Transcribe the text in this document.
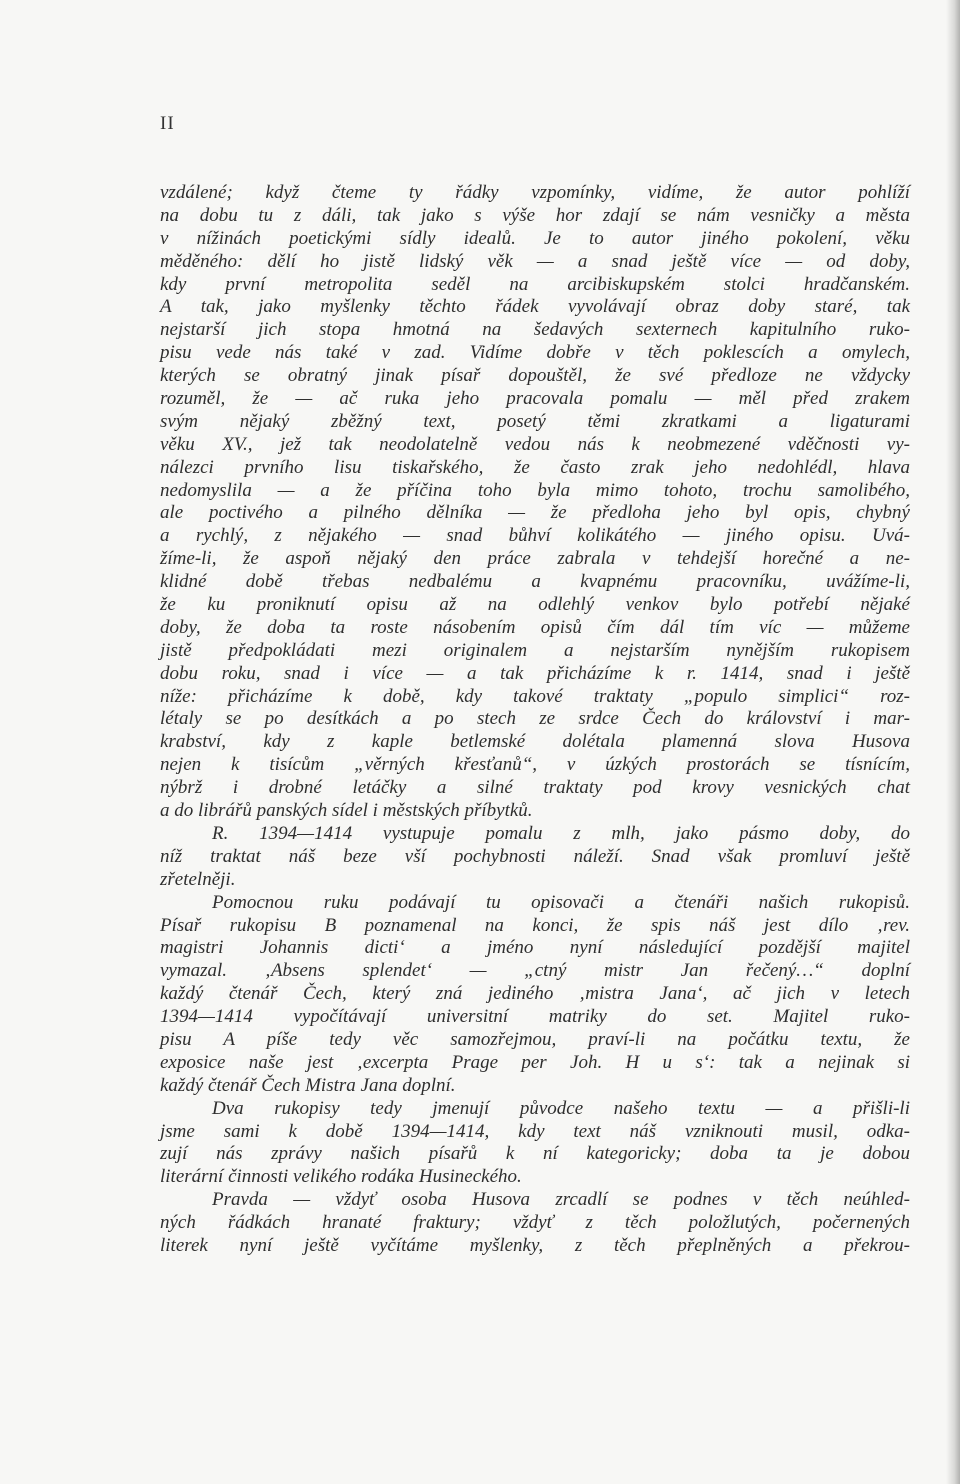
II
vzdálené; když čteme ty řádky vzpomínky, vidíme, že autor pohlíží
na dobu tu z dáli, tak jako s výše hor zdají se nám vesničky a města
v nížinách poetickými sídly idealů. Je to autor jiného pokolení, věku
měděného: dělí ho jistě lidský věk — a snad ještě více — od doby,
kdy první metropolita seděl na arcibiskupském stolci hradčanském.
A tak, jako myšlenky těchto řádek vyvolávají obraz doby staré, tak
nejstarší jich stopa hmotná na šedavých sexternech kapitulního ruko-
pisu vede nás také v zad. Vidíme dobře v těch poklescích a omylech,
kterých se obratný jinak písař dopouštěl, že své předloze ne vždycky
rozuměl, že — ač ruka jeho pracovala pomalu — měl před zrakem
svým nějaký zběžný text, posetý těmi zkratkami a ligaturami
věku XV., jež tak neodolatelně vedou nás k neobmezené vděčnosti vy-
nálezci prvního lisu tiskařského, že často zrak jeho nedohlédl, hlava
nedomyslila — a že příčina toho byla mimo tohoto, trochu samolibého,
ale poctivého a pilného dělníka — že předloha jeho byl opis, chybný
a rychlý, z nějakého — snad bůhví kolikátého — jiného opisu. Uvá-
žíme-li, že aspoň nějaký den práce zabrala v tehdejší horečné a ne-
klidné době třebas nedbalému a kvapnému pracovníku, uvážíme-li,
že ku proniknutí opisu až na odlehlý venkov bylo potřebí nějaké
doby, že doba ta roste násobením opisů čím dál tím víc — můžeme
jistě předpokládati mezi originalem a nejstarším nynějším rukopisem
dobu roku, snad i více — a tak přicházíme k r. 1414, snad i ještě
níže: přicházíme k době, kdy takové traktaty „populo simplici“ roz-
létaly se po desítkách a po stech ze srdce Čech do království i mar-
krabství, kdy z kaple betlemské dolétala plamenná slova Husova
nejen k tisícům „věrných křesťanů“, v úzkých prostorách se tísnícím,
nýbrž i drobné letáčky a silné traktaty pod krovy vesnických chat
a do librářů panských sídel i městských příbytků.
R. 1394—1414 vystupuje pomalu z mlh, jako pásmo doby, do
níž traktat náš beze vší pochybnosti náleží. Snad však promluví ještě
zřetelněji.
Pomocnou ruku podávají tu opisovači a čtenáři našich rukopisů.
Písař rukopisu B poznamenal na konci, že spis náš jest dílo ‚rev.
magistri Johannis dicti‘ a jméno nyní následující pozdější majitel
vymazal. ‚Absens splendet‘ — „ctný mistr Jan řečený…“ doplní
každý čtenář Čech, který zná jediného ‚mistra Jana‘, ač jich v letech
1394—1414 vypočítávají universitní matriky do set. Majitel ruko-
pisu A píše tedy věc samozřejmou, praví-li na počátku textu, že
exposice naše jest ‚excerpta Prage per Joh. H u s‘: tak a nejinak si
každý čtenář Čech Mistra Jana doplní.
Dva rukopisy tedy jmenují původce našeho textu — a přišli-li
jsme sami k době 1394—1414, kdy text náš vzniknouti musil, odka-
zují nás zprávy našich písařů k ní kategoricky; doba ta je dobou
literární činnosti velikého rodáka Husineckého.
Pravda — vždyť osoba Husova zrcadlí se podnes v těch neúhled-
ných řádkách hranaté fraktury; vždyť z těch položlutých, počernených
literek nyní ještě vyčítáme myšlenky, z těch přeplněných a překrou-
